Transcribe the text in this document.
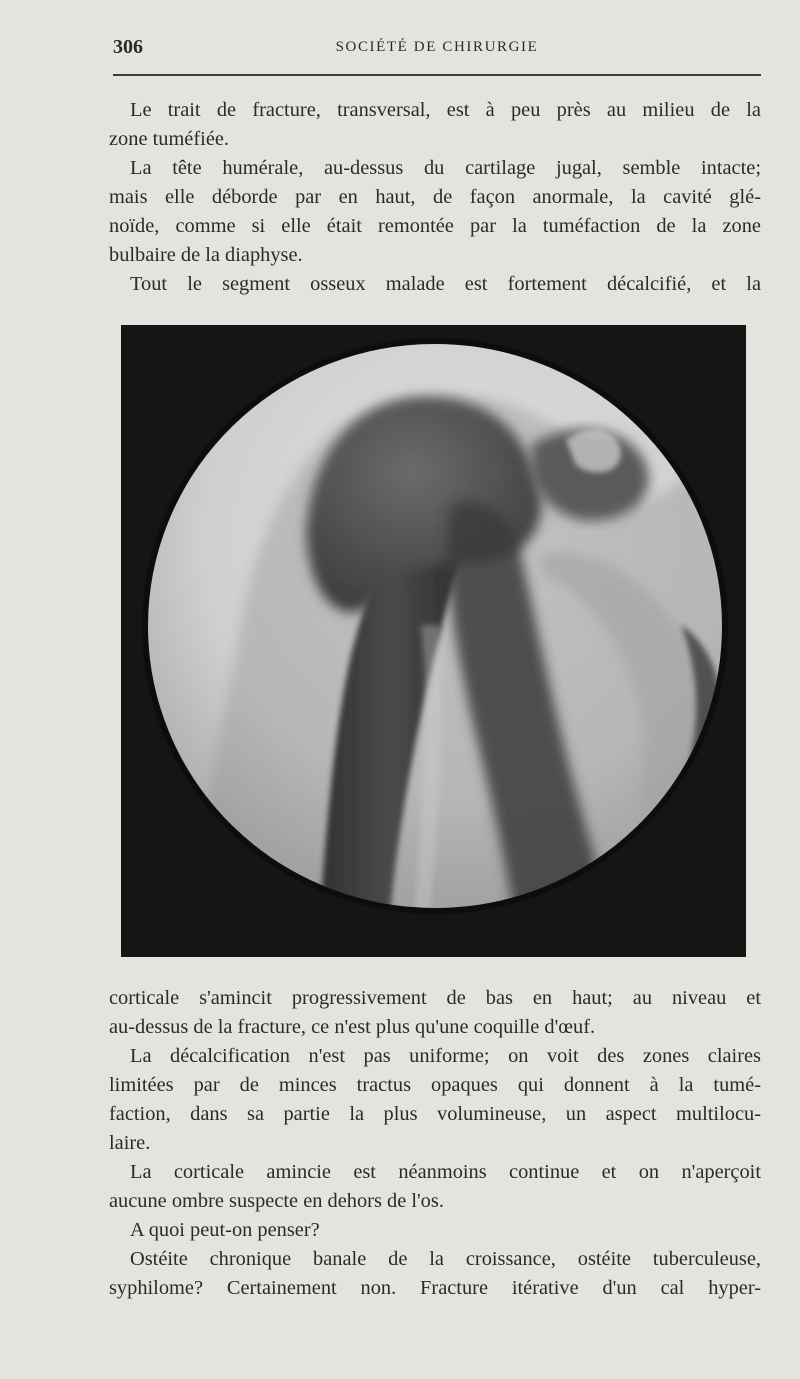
306	SOCIÉTÉ DE CHIRURGIE
Le trait de fracture, transversal, est à peu près au milieu de la
zone tuméfiée.
La tête humérale, au-dessus du cartilage jugal, semble intacte;
mais elle déborde par en haut, de façon anormale, la cavité glé-
noïde, comme si elle était remontée par la tuméfaction de la zone
bulbaire de la diaphyse.
Tout le segment osseux malade est fortement décalcifié, et la
corticale s'amincit progressivement de bas en haut; au niveau et
au-dessus de la fracture, ce n'est plus qu'une coquille d'œuf.
La décalcification n'est pas uniforme; on voit des zones claires
limitées par de minces tractus opaques qui donnent à la tumé-
faction, dans sa partie la plus volumineuse, un aspect multilocu-
laire.
La corticale amincie est néanmoins continue et on n'aperçoit
aucune ombre suspecte en dehors de l'os.
A quoi peut-on penser?
Ostéite chronique banale de la croissance, ostéite tuberculeuse,
syphilome? Certainement non. Fracture itérative d'un cal hyper-
